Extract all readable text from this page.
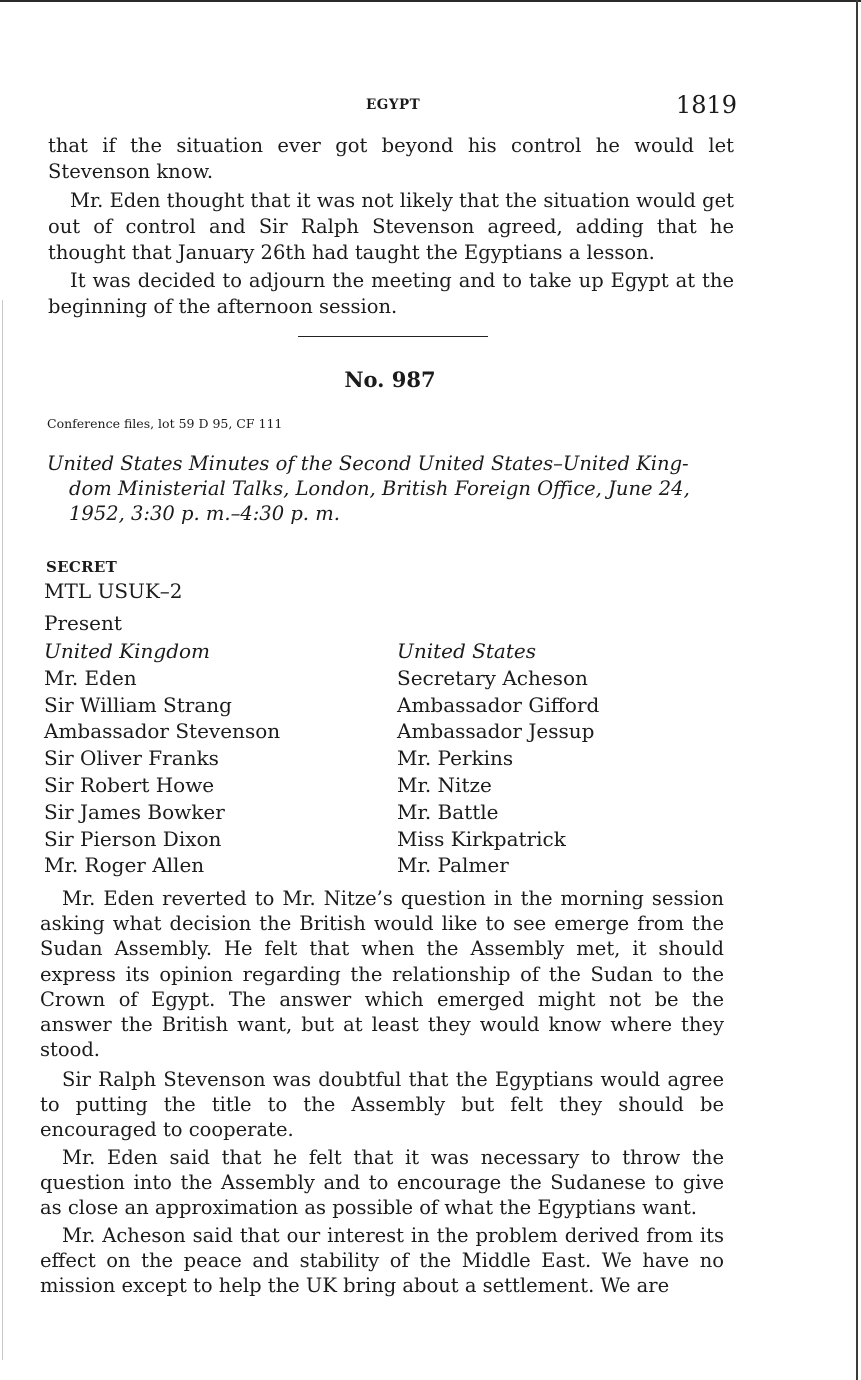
EGYPT	1819

that if the situation ever got beyond his control he would let Stevenson know.

Mr. Eden thought that it was not likely that the situation would get out of control and Sir Ralph Stevenson agreed, adding that he thought that January 26th had taught the Egyptians a lesson.

It was decided to adjourn the meeting and to take up Egypt at the beginning of the afternoon session.

No. 987
Conference files, lot 59 D 95, CF 111

United States Minutes of the Second United States–United King-
dom Ministerial Talks, London, British Foreign Office, June 24,
1952, 3:30 p. m.–4:30 p. m.

SECRET
MTL USUK–2
Present
United Kingdom
Mr. Eden
Sir William Strang
Ambassador Stevenson
Sir Oliver Franks
Sir Robert Howe
Sir James Bowker
Sir Pierson Dixon
Mr. Roger Allen
United States
Secretary Acheson
Ambassador Gifford
Ambassador Jessup
Mr. Perkins
Mr. Nitze
Mr. Battle
Miss Kirkpatrick
Mr. Palmer

Mr. Eden reverted to Mr. Nitze’s question in the morning session asking what decision the British would like to see emerge from the Sudan Assembly. He felt that when the Assembly met, it should express its opinion regarding the relationship of the Sudan to the Crown of Egypt. The answer which emerged might not be the answer the British want, but at least they would know where they stood.

Sir Ralph Stevenson was doubtful that the Egyptians would agree to putting the title to the Assembly but felt they should be encouraged to cooperate.

Mr. Eden said that he felt that it was necessary to throw the question into the Assembly and to encourage the Sudanese to give as close an approximation as possible of what the Egyptians want.

Mr. Acheson said that our interest in the problem derived from its effect on the peace and stability of the Middle East. We have no mission except to help the UK bring about a settlement. We are
